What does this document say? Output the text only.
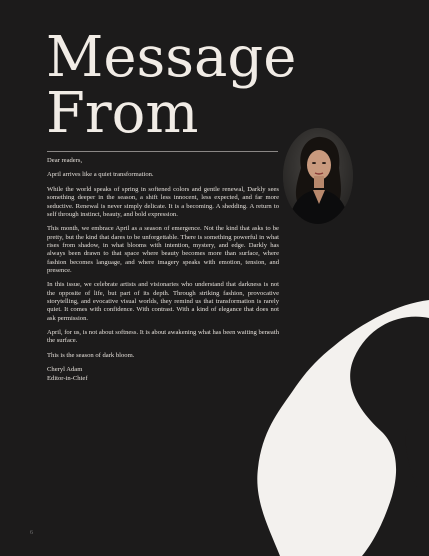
Message
From

Dear readers,

April arrives like a quiet transformation.

While the world speaks of spring in softened colors and gentle renewal, Darkly sees something deeper in the season, a shift less innocent, less expected, and far more seductive. Renewal is never simply delicate. It is a becoming. A shedding. A return to self through instinct, beauty, and bold expression.

This month, we embrace April as a season of emergence. Not the kind that asks to be pretty, but the kind that dares to be unforgettable. There is something powerful in what rises from shadow, in what blooms with intention, mystery, and edge. Darkly has always been drawn to that space where beauty becomes more than surface, where fashion becomes language, and where imagery speaks with emotion, tension, and presence.

In this issue, we celebrate artists and visionaries who understand that darkness is not the opposite of life, but part of its depth. Through striking fashion, provocative storytelling, and evocative visual worlds, they remind us that transformation is rarely quiet. It comes with confidence. With contrast. With a kind of elegance that does not ask permission.

April, for us, is not about softness. It is about awakening what has been waiting beneath the surface.

This is the season of dark bloom.

Cheryl Adam

Editor-in-Chief

6
